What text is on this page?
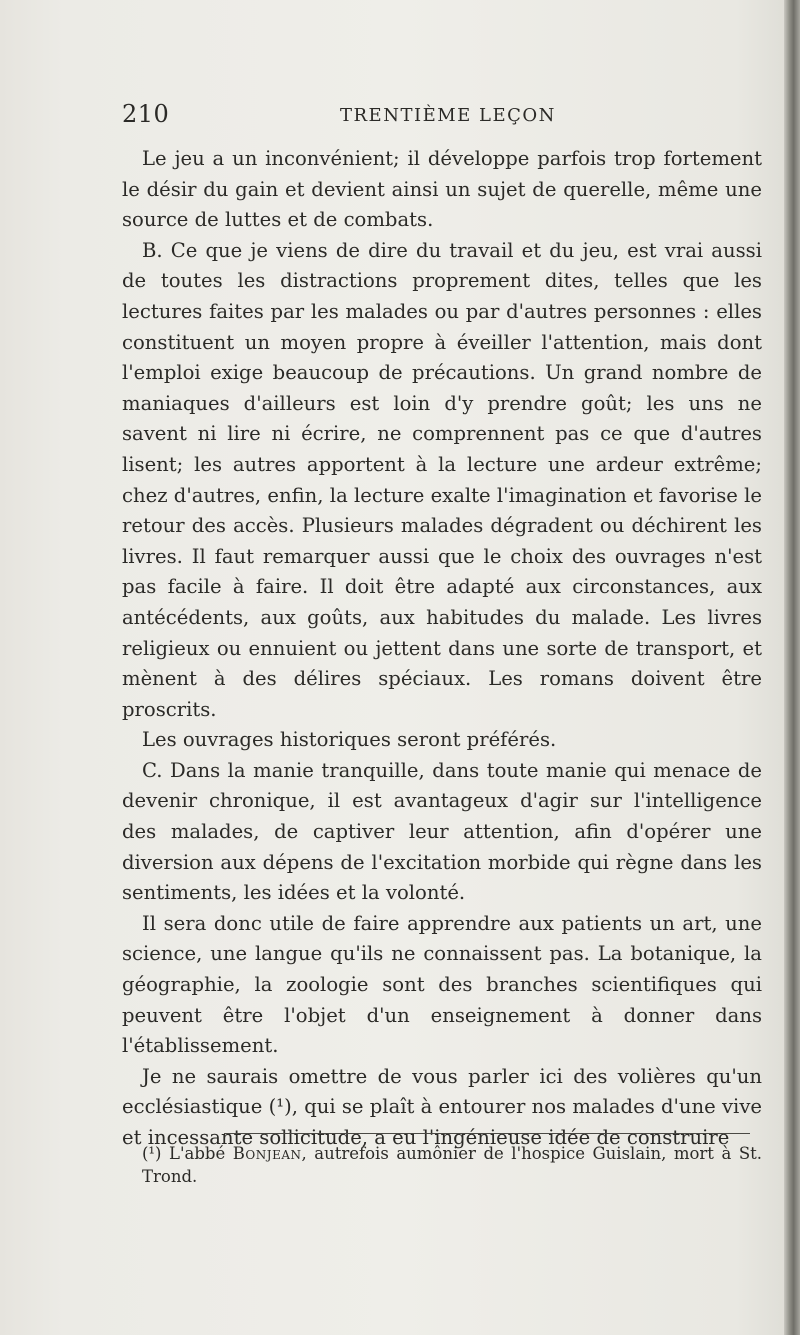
210	TRENTIÈME LEÇON

Le jeu a un inconvénient; il développe parfois trop fortement le désir du gain et devient ainsi un sujet de querelle, même une source de luttes et de combats.

B. Ce que je viens de dire du travail et du jeu, est vrai aussi de toutes les distractions proprement dites, telles que les lectures faites par les malades ou par d'autres personnes : elles constituent un moyen propre à éveiller l'attention, mais dont l'emploi exige beaucoup de précautions. Un grand nombre de maniaques d'ailleurs est loin d'y prendre goût; les uns ne savent ni lire ni écrire, ne comprennent pas ce que d'autres lisent; les autres apportent à la lecture une ardeur extrême; chez d'autres, enfin, la lecture exalte l'imagination et favorise le retour des accès. Plusieurs malades dégradent ou déchirent les livres. Il faut remarquer aussi que le choix des ouvrages n'est pas facile à faire. Il doit être adapté aux circonstances, aux antécédents, aux goûts, aux habitudes du malade. Les livres religieux ou ennuient ou jettent dans une sorte de transport, et mènent à des délires spéciaux. Les romans doivent être proscrits.

Les ouvrages historiques seront préférés.

C. Dans la manie tranquille, dans toute manie qui menace de devenir chronique, il est avantageux d'agir sur l'intelligence des malades, de captiver leur attention, afin d'opérer une diversion aux dépens de l'excitation morbide qui règne dans les sentiments, les idées et la volonté.

Il sera donc utile de faire apprendre aux patients un art, une science, une langue qu'ils ne connaissent pas. La botanique, la géographie, la zoologie sont des branches scientifiques qui peuvent être l'objet d'un enseignement à donner dans l'établissement.

Je ne saurais omettre de vous parler ici des volières qu'un ecclésiastique (¹), qui se plaît à entourer nos malades d'une vive et incessante sollicitude, a eu l'ingénieuse idée de construire

(¹) L'abbé Bonjean, autrefois aumônier de l'hospice Guislain, mort à St. Trond.
